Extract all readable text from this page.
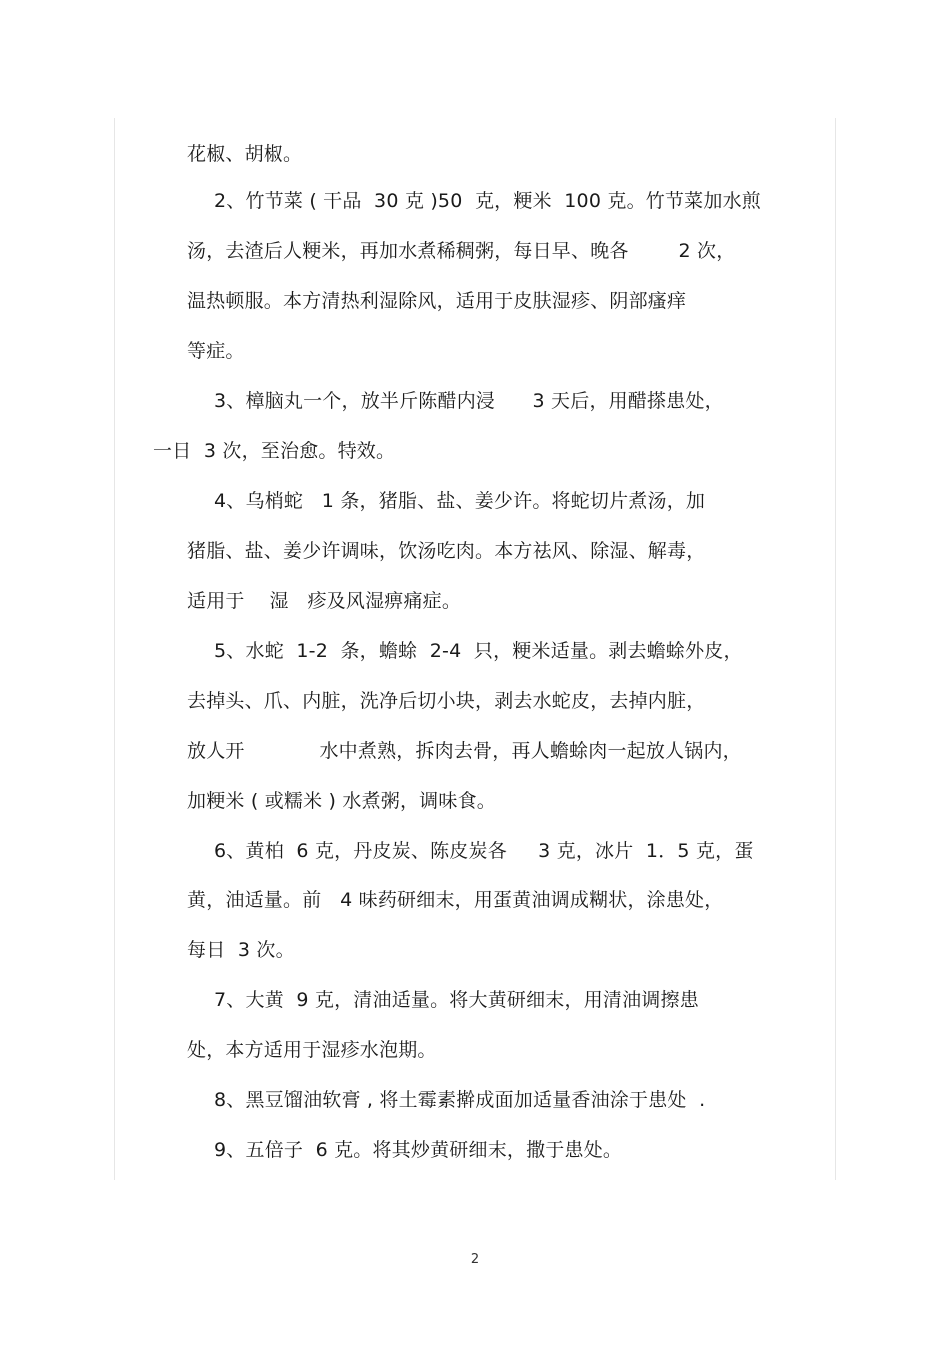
花椒、胡椒。
2、竹节菜 ( 干品  30 克 )50  克，粳米  100 克。竹节菜加水煎
汤，去渣后人粳米，再加水煮稀稠粥，每日早、晚各        2 次，
温热顿服。本方清热利湿除风，适用于皮肤湿疹、阴部瘙痒
等症。
3、樟脑丸一个，放半斤陈醋内浸      3 天后，用醋搽患处，
一日  3 次，至治愈。特效。
4、乌梢蛇   1 条，猪脂、盐、姜少许。将蛇切片煮汤，加
猪脂、盐、姜少许调味，饮汤吃肉。本方祛风、除湿、解毒，
适用于    湿   疹及风湿痹痛症。
5、水蛇  1-2  条，蟾蜍  2-4  只，粳米适量。剥去蟾蜍外皮，
去掉头、爪、内脏，洗净后切小块，剥去水蛇皮，去掉内脏，
放人开            水中煮熟，拆肉去骨，再人蟾蜍肉一起放人锅内，
加粳米 ( 或糯米 ) 水煮粥，调味食。
6、黄柏  6 克，丹皮炭、陈皮炭各     3 克，冰片  1．5 克，蛋
黄，油适量。前   4 味药研细末，用蛋黄油调成糊状，涂患处，
每日  3 次。
7、大黄  9 克，清油适量。将大黄研细末，用清油调擦患
处，本方适用于湿疹水泡期。
8、黑豆馏油软膏 , 将土霉素擀成面加适量香油涂于患处  .
9、五倍子  6 克。将其炒黄研细末，撒于患处。
2
